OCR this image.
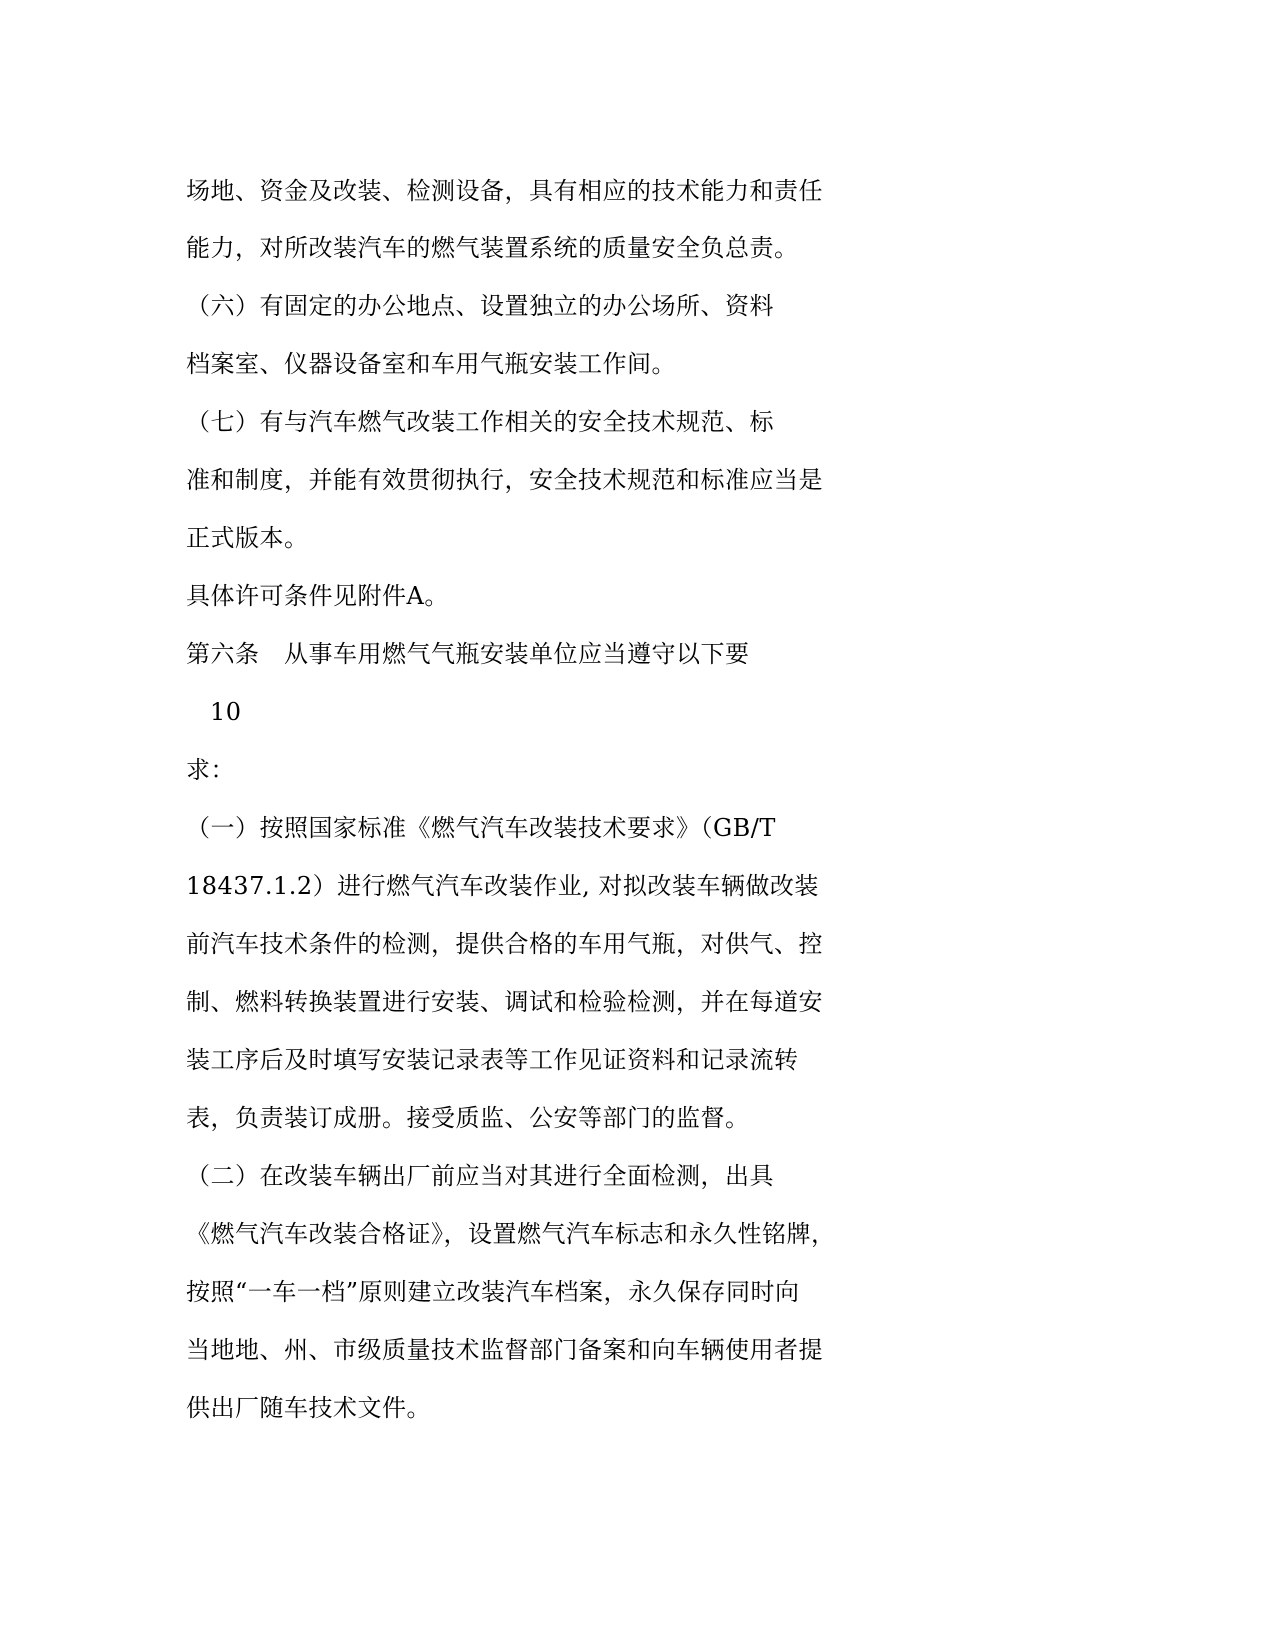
场地、资金及改装、检测设备，具有相应的技术能力和责任

能力，对所改装汽车的燃气装置系统的质量安全负总责。

（六）有固定的办公地点、设置独立的办公场所、资料

档案室、仪器设备室和车用气瓶安装工作间。

（七）有与汽车燃气改装工作相关的安全技术规范、标

准和制度，并能有效贯彻执行，安全技术规范和标准应当是

正式版本。

具体许可条件见附件A。

第六条　从事车用燃气气瓶安装单位应当遵守以下要

10

求：

（一）按照国家标准《燃气汽车改装技术要求》（GB/T

18437.1.2）进行燃气汽车改装作业, 对拟改装车辆做改装

前汽车技术条件的检测，提供合格的车用气瓶，对供气、控

制、燃料转换装置进行安装、调试和检验检测，并在每道安

装工序后及时填写安装记录表等工作见证资料和记录流转

表，负责装订成册。接受质监、公安等部门的监督。

（二）在改装车辆出厂前应当对其进行全面检测，出具

《燃气汽车改装合格证》，设置燃气汽车标志和永久性铭牌，

按照“一车一档”原则建立改装汽车档案，永久保存同时向

当地地、州、市级质量技术监督部门备案和向车辆使用者提

供出厂随车技术文件。
